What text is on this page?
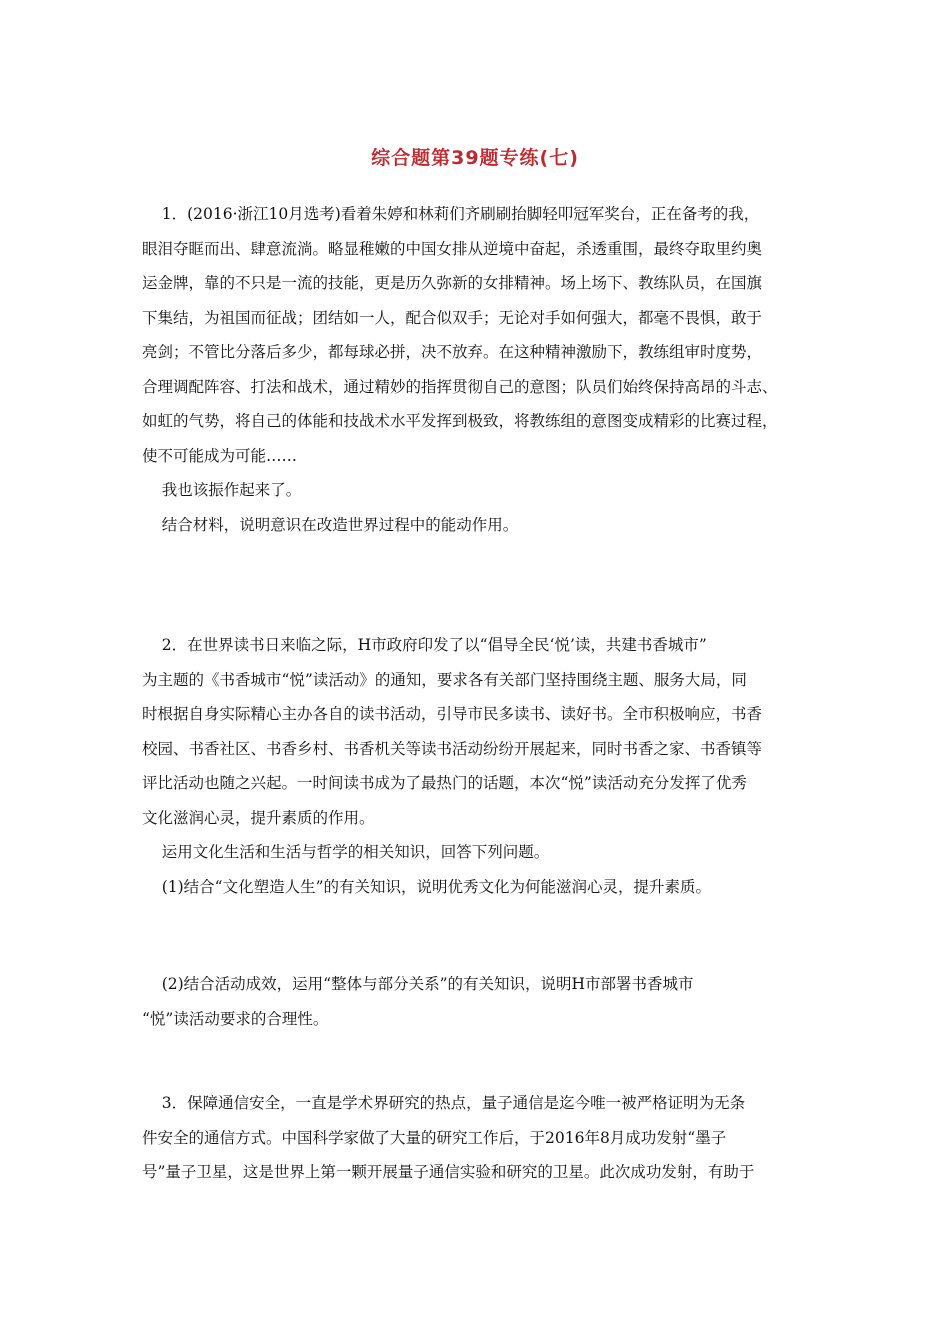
综合题第39题专练(七)
1．(2016·浙江10月选考)看着朱婷和林莉们齐刷刷抬脚轻叩冠军奖台，正在备考的我，
眼泪夺眶而出、肆意流淌。略显稚嫩的中国女排从逆境中奋起，杀透重围，最终夺取里约奥
运金牌，靠的不只是一流的技能，更是历久弥新的女排精神。场上场下、教练队员，在国旗
下集结，为祖国而征战；团结如一人，配合似双手；无论对手如何强大，都毫不畏惧，敢于
亮剑；不管比分落后多少，都每球必拼，决不放弃。在这种精神激励下，教练组审时度势，
合理调配阵容、打法和战术，通过精妙的指挥贯彻自己的意图；队员们始终保持高昂的斗志、
如虹的气势，将自己的体能和技战术水平发挥到极致，将教练组的意图变成精彩的比赛过程，
使不可能成为可能……
我也该振作起来了。
结合材料，说明意识在改造世界过程中的能动作用。
2．在世界读书日来临之际，H市政府印发了以“倡导全民‘悦’读，共建书香城市”
为主题的《书香城市“悦”读活动》的通知，要求各有关部门坚持围绕主题、服务大局，同
时根据自身实际精心主办各自的读书活动，引导市民多读书、读好书。全市积极响应，书香
校园、书香社区、书香乡村、书香机关等读书活动纷纷开展起来，同时书香之家、书香镇等
评比活动也随之兴起。一时间读书成为了最热门的话题，本次“悦”读活动充分发挥了优秀
文化滋润心灵，提升素质的作用。
运用文化生活和生活与哲学的相关知识，回答下列问题。
(1)结合“文化塑造人生”的有关知识，说明优秀文化为何能滋润心灵，提升素质。
(2)结合活动成效，运用“整体与部分关系”的有关知识，说明H市部署书香城市
“悦”读活动要求的合理性。
3．保障通信安全，一直是学术界研究的热点，量子通信是迄今唯一被严格证明为无条
件安全的通信方式。中国科学家做了大量的研究工作后，于2016年8月成功发射“墨子
号”量子卫星，这是世界上第一颗开展量子通信实验和研究的卫星。此次成功发射，有助于
